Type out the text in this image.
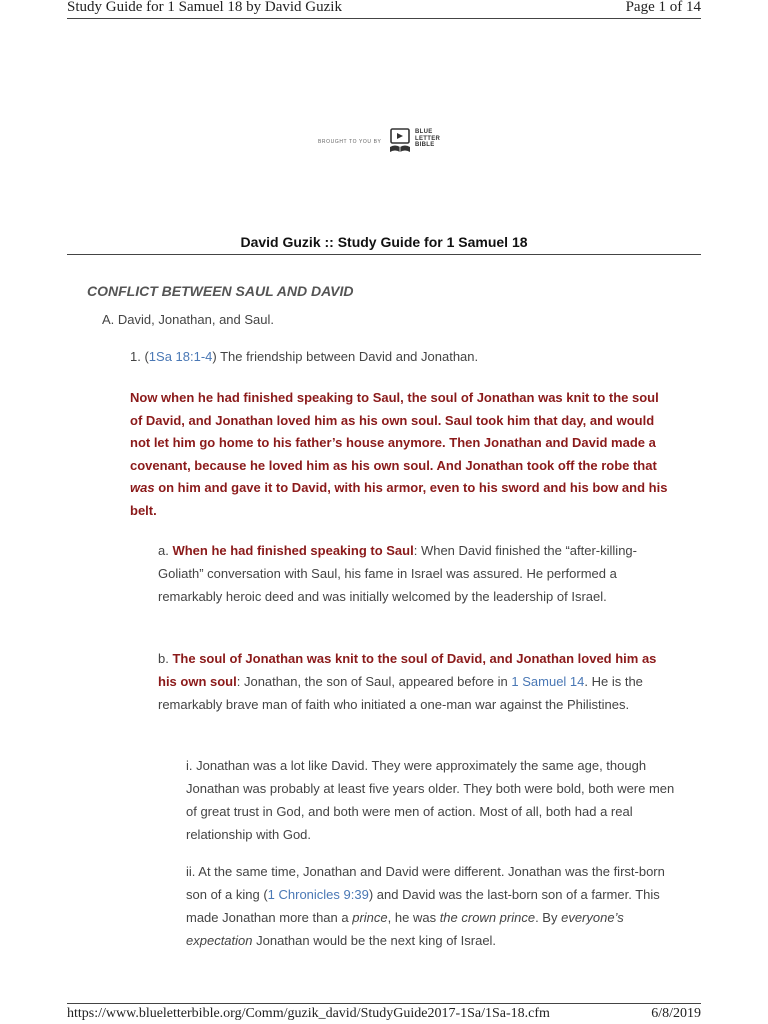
Study Guide for 1 Samuel 18 by David Guzik	Page 1 of 14
BROUGHT TO YOU BY
BLUE
LETTER
BIBLE
David Guzik :: Study Guide for 1 Samuel 18
CONFLICT BETWEEN SAUL AND DAVID
A. David, Jonathan, and Saul.
1. (1Sa 18:1-4) The friendship between David and Jonathan.
Now when he had finished speaking to Saul, the soul of Jonathan was knit to the soul of David, and Jonathan loved him as his own soul. Saul took him that day, and would not let him go home to his father’s house anymore. Then Jonathan and David made a covenant, because he loved him as his own soul. And Jonathan took off the robe that was on him and gave it to David, with his armor, even to his sword and his bow and his belt.
a. When he had finished speaking to Saul: When David finished the “after-killing-Goliath” conversation with Saul, his fame in Israel was assured. He performed a remarkably heroic deed and was initially welcomed by the leadership of Israel.
b. The soul of Jonathan was knit to the soul of David, and Jonathan loved him as his own soul: Jonathan, the son of Saul, appeared before in 1 Samuel 14. He is the remarkably brave man of faith who initiated a one-man war against the Philistines.
i. Jonathan was a lot like David. They were approximately the same age, though Jonathan was probably at least five years older. They both were bold, both were men of great trust in God, and both were men of action. Most of all, both had a real relationship with God.
ii. At the same time, Jonathan and David were different. Jonathan was the first-born son of a king (1 Chronicles 9:39) and David was the last-born son of a farmer. This made Jonathan more than a prince, he was the crown prince. By everyone’s expectation Jonathan would be the next king of Israel.
https://www.blueletterbible.org/Comm/guzik_david/StudyGuide2017-1Sa/1Sa-18.cfm	6/8/2019
